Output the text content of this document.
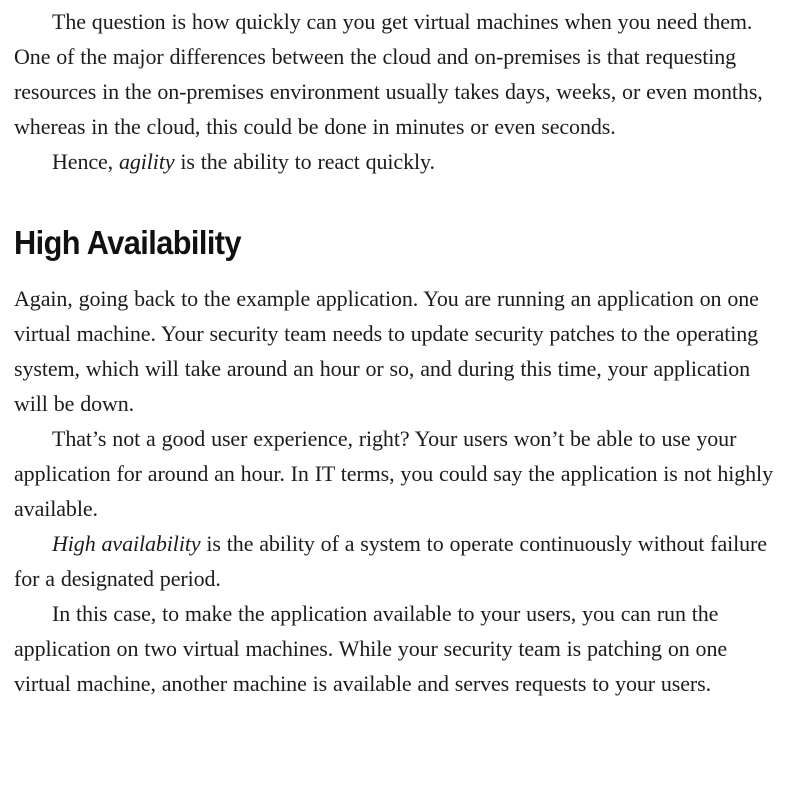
The question is how quickly can you get virtual machines when you need them. One of the major differences between the cloud and on-premises is that requesting resources in the on-premises environment usually takes days, weeks, or even months, whereas in the cloud, this could be done in minutes or even seconds.

Hence, agility is the ability to react quickly.

High Availability

Again, going back to the example application. You are running an application on one virtual machine. Your security team needs to update security patches to the operating system, which will take around an hour or so, and during this time, your application will be down.

That’s not a good user experience, right? Your users won’t be able to use your application for around an hour. In IT terms, you could say the application is not highly available.

High availability is the ability of a system to operate continuously without failure for a designated period.

In this case, to make the application available to your users, you can run the application on two virtual machines. While your security team is patching on one virtual machine, another machine is available and serves requests to your users.
